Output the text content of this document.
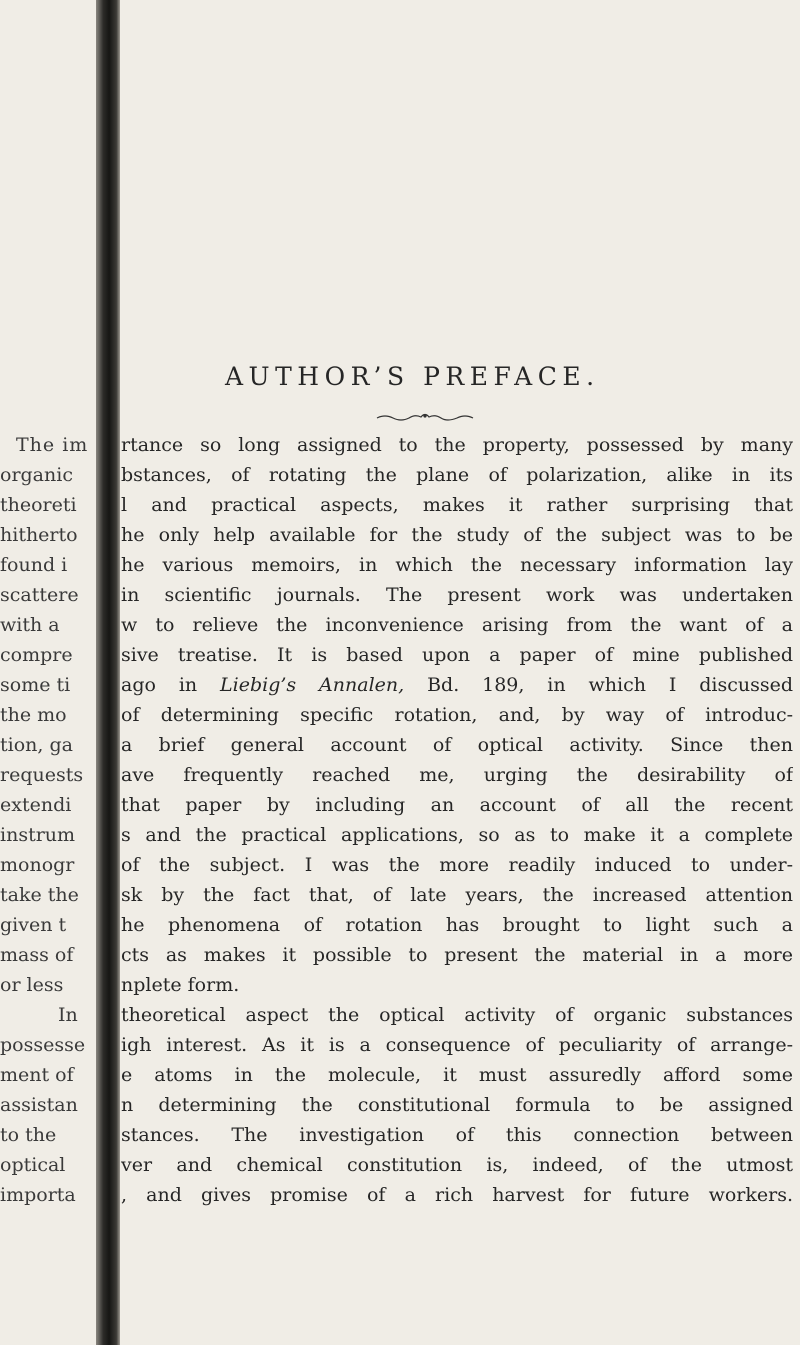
AUTHOR’S PREFACE.
The im
organic
theoreti
hitherto
found i
scattere
with a
compre
some ti
the mo
tion, ga
requests
extendi
instrum
monogr
take the
given t
mass of
or less
In
possesse
ment of
assistan
to the
optical
importa
rtance so long assigned to the property, possessed by many
bstances, of rotating the plane of polarization, alike in its
l and practical aspects, makes it rather surprising that
he only help available for the study of the subject was to be
he various memoirs, in which the necessary information lay
in scientific journals. The present work was undertaken
w to relieve the inconvenience arising from the want of a
sive treatise. It is based upon a paper of mine published
ago in Liebig’s Annalen, Bd. 189, in which I discussed
of determining specific rotation, and, by way of introduc-
a brief general account of optical activity. Since then
ave frequently reached me, urging the desirability of
that paper by including an account of all the recent
s and the practical applications, so as to make it a complete
of the subject. I was the more readily induced to under-
sk by the fact that, of late years, the increased attention
he phenomena of rotation has brought to light such a
cts as makes it possible to present the material in a more
nplete form.
theoretical aspect the optical activity of organic substances
igh interest. As it is a consequence of peculiarity of arrange-
e atoms in the molecule, it must assuredly afford some
n determining the constitutional formula to be assigned
stances. The investigation of this connection between
ver and chemical constitution is, indeed, of the utmost
, and gives promise of a rich harvest for future workers.
